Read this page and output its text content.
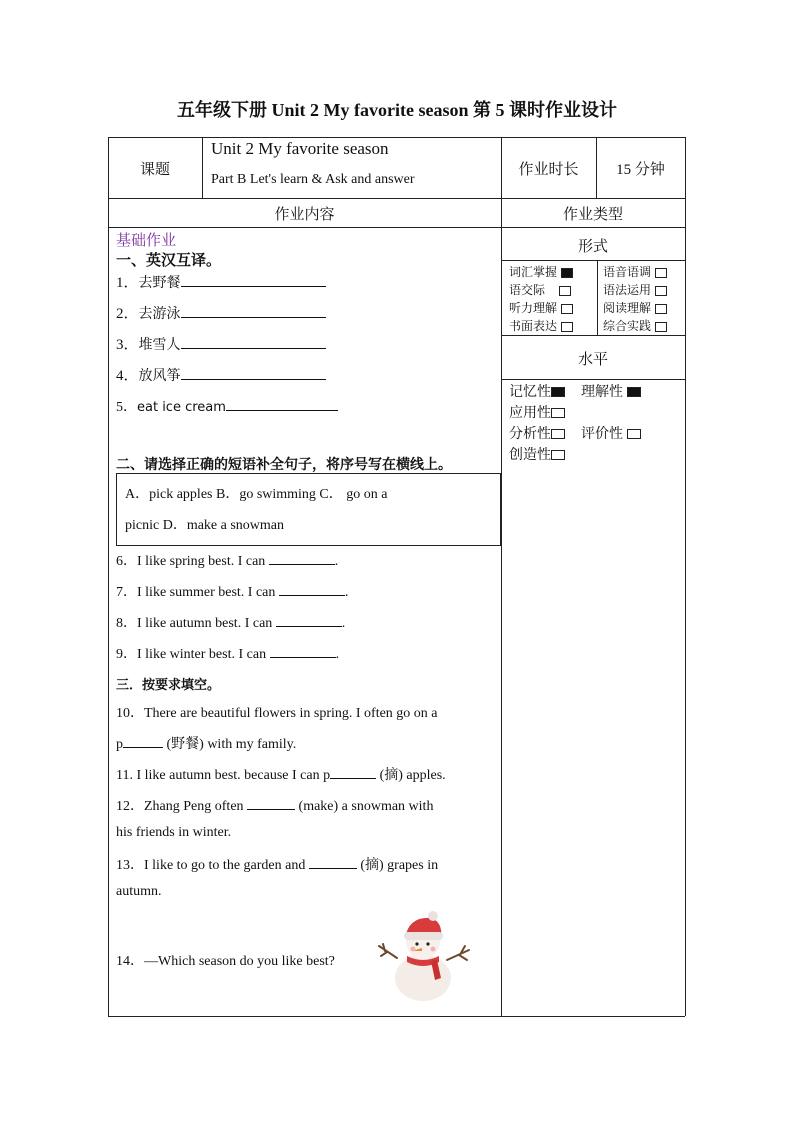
五年级下册 Unit 2 My favorite season 第 5 课时作业设计
课题
Unit 2 My favorite season
Part B Let's learn & Ask and answer
作业时长	15 分钟
作业内容	作业类型
基础作业
一、英汉互译。
1．去野餐
2．去游泳
3．堆雪人
4．放风筝
5．eat ice cream
二、请选择正确的短语补全句子，将序号写在横线上。
A．pick apples B．go swimming C． go on a
picnic D．make a snowman
6．I like spring best. I can	.
7．I like summer best. I can	.
8．I like autumn best. I can	.
9．I like winter best. I can	.
三．按要求填空。
10．There are beautiful flowers in spring. I often go on a
p	(野餐) with my family.
11. I like autumn best. because I can p	(摘) apples.
12．Zhang Peng often	(make) a snowman with
his friends in winter.
13．I like to go to the garden and	(摘) grapes in
autumn.
14．—Which season do you like best?
形式
词汇掌握	语音语调
语交际	语法运用
听力理解	阅读理解
书面表达	综合实践
水平
记忆性	理解性
应用性
分析性	评价性
创造性
